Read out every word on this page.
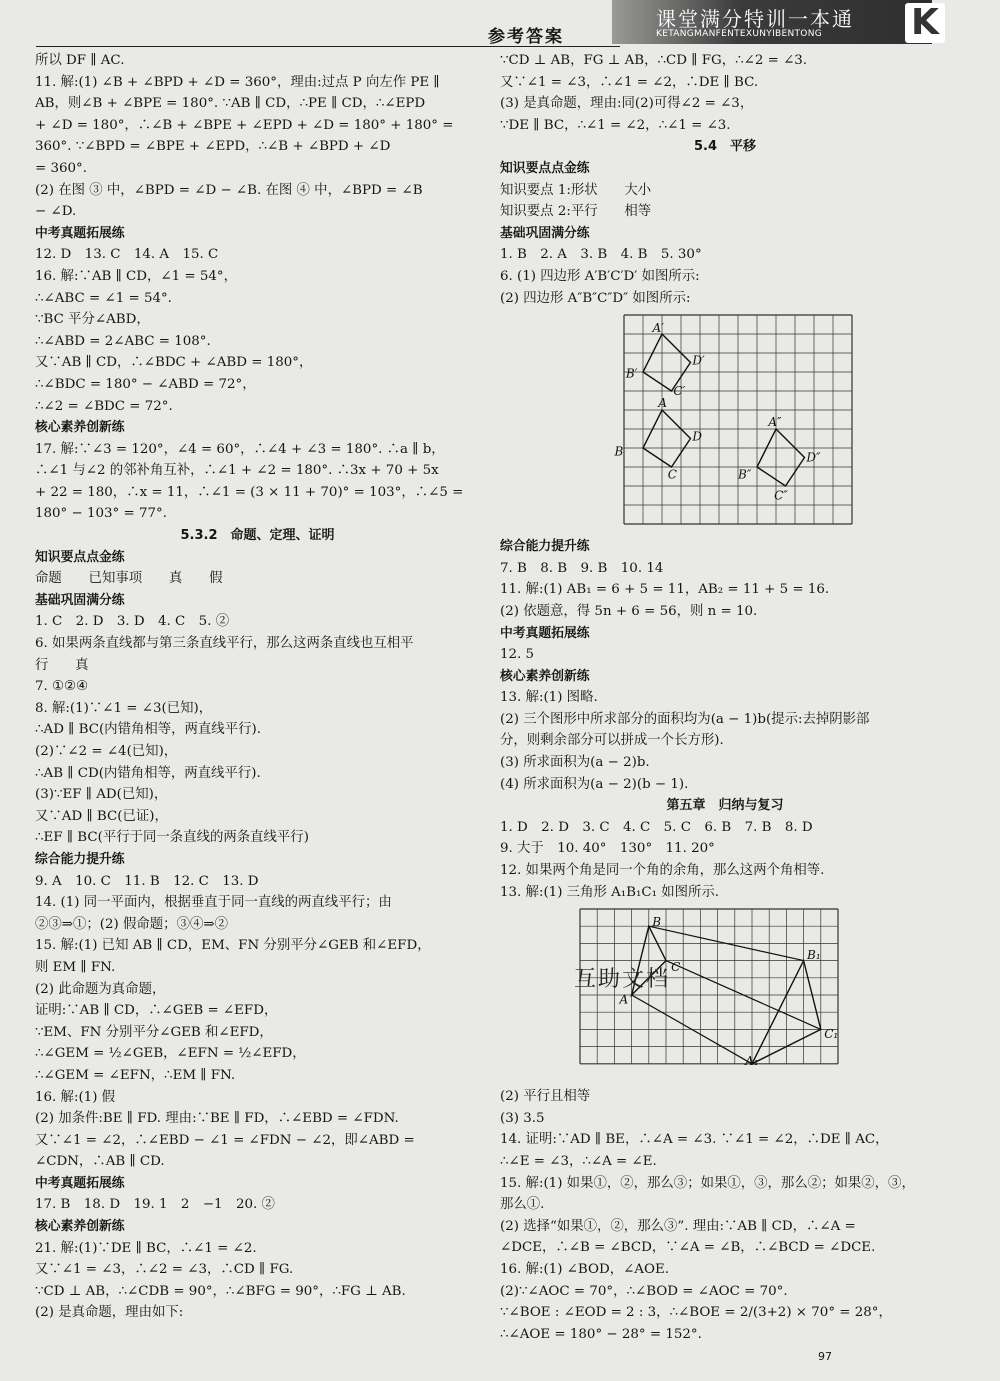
参考答案
课堂满分特训一本通
KETANGMANFENTEXUNYIBENTONG K
所以 DF ∥ AC.
11. 解:(1) ∠B + ∠BPD + ∠D = 360°，理由:过点 P 向左作 PE ∥
AB，则∠B + ∠BPE = 180°. ∵AB ∥ CD，∴PE ∥ CD，∴∠EPD
+ ∠D = 180°，∴∠B + ∠BPE + ∠EPD + ∠D = 180° + 180° =
360°. ∵∠BPD = ∠BPE + ∠EPD，∴∠B + ∠BPD + ∠D
= 360°.
(2) 在图 ③ 中，∠BPD = ∠D − ∠B. 在图 ④ 中，∠BPD = ∠B
− ∠D.
中考真题拓展练
12. D　13. C　14. A　15. C
16. 解:∵AB ∥ CD，∠1 = 54°，
∴∠ABC = ∠1 = 54°.
∵BC 平分∠ABD，
∴∠ABD = 2∠ABC = 108°.
又∵AB ∥ CD，∴∠BDC + ∠ABD = 180°，
∴∠BDC = 180° − ∠ABD = 72°，
∴∠2 = ∠BDC = 72°.
核心素养创新练
17. 解:∵∠3 = 120°，∠4 = 60°，∴∠4 + ∠3 = 180°. ∴a ∥ b，
∴∠1 与∠2 的邻补角互补，∴∠1 + ∠2 = 180°. ∴3x + 70 + 5x
+ 22 = 180，∴x = 11，∴∠1 = (3 × 11 + 70)° = 103°，∴∠5 =
180° − 103° = 77°.
5.3.2　命题、定理、证明
知识要点点金练
命题　　已知事项　　真　　假
基础巩固满分练
1. C　2. D　3. D　4. C　5. ②
6. 如果两条直线都与第三条直线平行，那么这两条直线也互相平
行　　真
7. ①②④
8. 解:(1)∵∠1 = ∠3(已知)，
∴AD ∥ BC(内错角相等，两直线平行).
(2)∵∠2 = ∠4(已知)，
∴AB ∥ CD(内错角相等，两直线平行).
(3)∵EF ∥ AD(已知)，
又∵AD ∥ BC(已证)，
∴EF ∥ BC(平行于同一条直线的两条直线平行)
综合能力提升练
9. A　10. C　11. B　12. C　13. D
14. (1) 同一平面内，根据垂直于同一直线的两直线平行；由
②③⇒①；(2) 假命题；③④⇒②
15. 解:(1) 已知 AB ∥ CD，EM、FN 分别平分∠GEB 和∠EFD，
则 EM ∥ FN.
(2) 此命题为真命题，
证明:∵AB ∥ CD，∴∠GEB = ∠EFD，
∵EM、FN 分别平分∠GEB 和∠EFD，
∴∠GEM = ½∠GEB，∠EFN = ½∠EFD，
∴∠GEM = ∠EFN，∴EM ∥ FN.
16. 解:(1) 假
(2) 加条件:BE ∥ FD. 理由:∵BE ∥ FD，∴∠EBD = ∠FDN.
又∵∠1 = ∠2，∴∠EBD − ∠1 = ∠FDN − ∠2，即∠ABD =
∠CDN，∴AB ∥ CD.
中考真题拓展练
17. B　18. D　19. 1　2　−1　20. ②
核心素养创新练
21. 解:(1)∵DE ∥ BC，∴∠1 = ∠2.
又∵∠1 = ∠3，∴∠2 = ∠3，∴CD ∥ FG.
∵CD ⊥ AB，∴∠CDB = 90°，∴∠BFG = 90°，∴FG ⊥ AB.
(2) 是真命题，理由如下:
∵CD ⊥ AB，FG ⊥ AB，∴CD ∥ FG，∴∠2 = ∠3.
又∵∠1 = ∠3，∴∠1 = ∠2，∴DE ∥ BC.
(3) 是真命题，理由:同(2)可得∠2 = ∠3，
∵DE ∥ BC，∴∠1 = ∠2，∴∠1 = ∠3.
5.4　平移
知识要点点金练
知识要点 1:形状　　大小
知识要点 2:平行　　相等
基础巩固满分练
1. B　2. A　3. B　4. B　5. 30°
6. (1) 四边形 A′B′C′D′ 如图所示:
(2) 四边形 A″B″C″D″ 如图所示:
A′
B′
C′
D′
A
B
C
D
A″
B″
C″
D″
综合能力提升练
7. B　8. B　9. B　10. 14
11. 解:(1) AB₁ = 6 + 5 = 11，AB₂ = 11 + 5 = 16.
(2) 依题意，得 5n + 6 = 56，则 n = 10.
中考真题拓展练
12. 5
核心素养创新练
13. 解:(1) 图略.
(2) 三个图形中所求部分的面积均为(a − 1)b(提示:去掉阴影部
分，则剩余部分可以拼成一个长方形).
(3) 所求面积为(a − 2)b.
(4) 所求面积为(a − 2)(b − 1).
第五章　归纳与复习
1. D　2. D　3. C　4. C　5. C　6. B　7. B　8. D
9. 大于　10. 40°　130°　11. 20°
12. 如果两个角是同一个角的余角，那么这两个角相等.
13. 解:(1) 三角形 A₁B₁C₁ 如图所示.
A
B
C
A₁
B₁
C₁
(2) 平行且相等
(3) 3.5
14. 证明:∵AD ∥ BE，∴∠A = ∠3. ∵∠1 = ∠2，∴DE ∥ AC，
∴∠E = ∠3，∴∠A = ∠E.
15. 解:(1) 如果①，②，那么③；如果①，③，那么②；如果②，③，
那么①.
(2) 选择“如果①，②，那么③”. 理由:∵AB ∥ CD，∴∠A =
∠DCE，∴∠B = ∠BCD，∵∠A = ∠B，∴∠BCD = ∠DCE.
16. 解:(1) ∠BOD，∠AOE.
(2)∵∠AOC = 70°，∴∠BOD = ∠AOC = 70°.
∵∠BOE : ∠EOD = 2 : 3，∴∠BOE = 2/(3+2) × 70° = 28°，
∴∠AOE = 180° − 28° = 152°.
互助文档
97
